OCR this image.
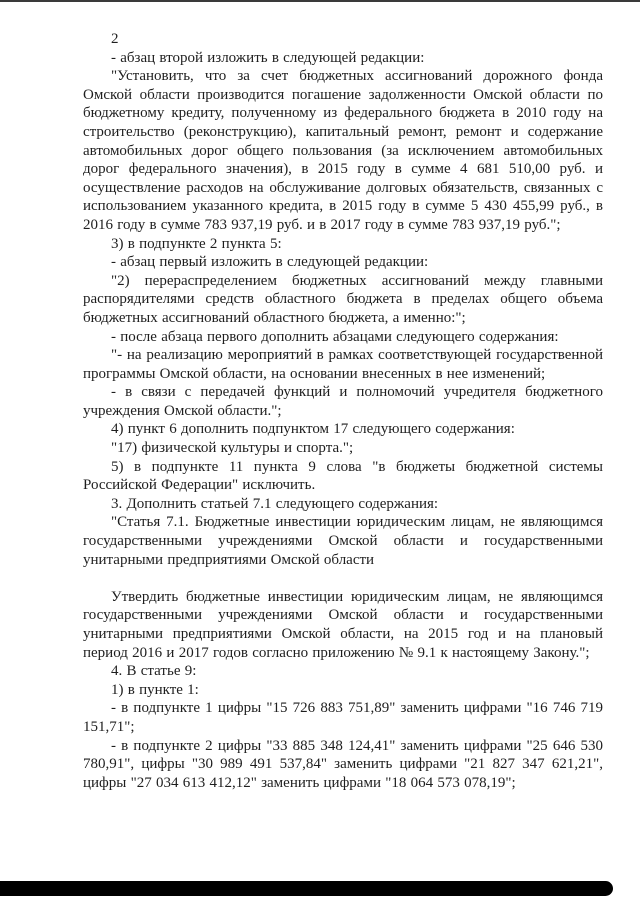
2

- абзац второй изложить в следующей редакции:

"Установить, что за счет бюджетных ассигнований дорожного фонда Омской области производится погашение задолженности Омской области по бюджетному кредиту, полученному из федерального бюджета в 2010 году на строительство (реконструкцию), капитальный ремонт, ремонт и содержание автомобильных дорог общего пользования (за исключением автомобильных дорог федерального значения), в 2015 году в сумме 4 681 510,00 руб. и осуществление расходов на обслуживание долговых обязательств, связанных с использованием указанного кредита, в 2015 году в сумме 5 430 455,99 руб., в 2016 году в сумме 783 937,19 руб. и в 2017 году в сумме 783 937,19 руб.";

3) в подпункте 2 пункта 5:

- абзац первый изложить в следующей редакции:

"2) перераспределением бюджетных ассигнований между главными распорядителями средств областного бюджета в пределах общего объема бюджетных ассигнований областного бюджета, а именно:";

- после абзаца первого дополнить абзацами следующего содержания:

"- на реализацию мероприятий в рамках соответствующей государственной программы Омской области, на основании внесенных в нее изменений;

- в связи с передачей функций и полномочий учредителя бюджетного учреждения Омской области.";

4) пункт 6 дополнить подпунктом 17 следующего содержания:

"17) физической культуры и спорта.";

5) в подпункте 11 пункта 9 слова "в бюджеты бюджетной системы Российской Федерации" исключить.

3. Дополнить статьей 7.1 следующего содержания:

"Статья 7.1. Бюджетные инвестиции юридическим лицам, не являющимся государственными учреждениями Омской области и государственными унитарными предприятиями Омской области

Утвердить бюджетные инвестиции юридическим лицам, не являющимся государственными учреждениями Омской области и государственными унитарными предприятиями Омской области, на 2015 год и на плановый период 2016 и 2017 годов согласно приложению № 9.1 к настоящему Закону.";

4. В статье 9:

1) в пункте 1:

- в подпункте 1 цифры "15 726 883 751,89" заменить цифрами "16 746 719 151,71";

- в подпункте 2 цифры "33 885 348 124,41" заменить цифрами "25 646 530 780,91", цифры "30 989 491 537,84" заменить цифрами "21 827 347 621,21", цифры "27 034 613 412,12" заменить цифрами "18 064 573 078,19";
